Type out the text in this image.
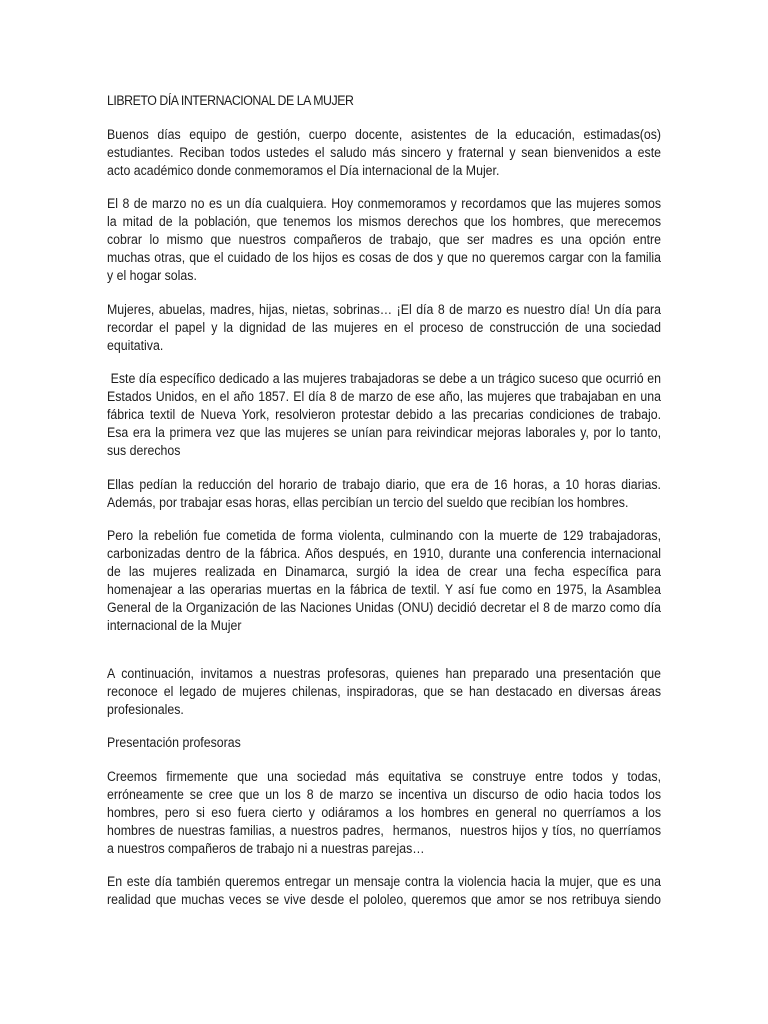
LIBRETO DÍA INTERNACIONAL DE LA MUJER
Buenos días equipo de gestión, cuerpo docente, asistentes de la educación, estimadas(os)
estudiantes. Reciban todos ustedes el saludo más sincero y fraternal y sean bienvenidos a este
acto académico donde conmemoramos el Día internacional de la Mujer.
El 8 de marzo no es un día cualquiera. Hoy conmemoramos y recordamos que las mujeres somos
la mitad de la población, que tenemos los mismos derechos que los hombres, que merecemos
cobrar lo mismo que nuestros compañeros de trabajo, que ser madres es una opción entre
muchas otras, que el cuidado de los hijos es cosas de dos y que no queremos cargar con la familia
y el hogar solas.
Mujeres, abuelas, madres, hijas, nietas, sobrinas… ¡El día 8 de marzo es nuestro día! Un día para
recordar el papel y la dignidad de las mujeres en el proceso de construcción de una sociedad
equitativa.
Este día específico dedicado a las mujeres trabajadoras se debe a un trágico suceso que ocurrió en
Estados Unidos, en el año 1857. El día 8 de marzo de ese año, las mujeres que trabajaban en una
fábrica textil de Nueva York, resolvieron protestar debido a las precarias condiciones de trabajo.
Esa era la primera vez que las mujeres se unían para reivindicar mejoras laborales y, por lo tanto,
sus derechos
Ellas pedían la reducción del horario de trabajo diario, que era de 16 horas, a 10 horas diarias.
Además, por trabajar esas horas, ellas percibían un tercio del sueldo que recibían los hombres.
Pero la rebelión fue cometida de forma violenta, culminando con la muerte de 129 trabajadoras,
carbonizadas dentro de la fábrica. Años después, en 1910, durante una conferencia internacional
de las mujeres realizada en Dinamarca, surgió la idea de crear una fecha específica para
homenajear a las operarias muertas en la fábrica de textil. Y así fue como en 1975, la Asamblea
General de la Organización de las Naciones Unidas (ONU) decidió decretar el 8 de marzo como día
internacional de la Mujer
A continuación, invitamos a nuestras profesoras, quienes han preparado una presentación que
reconoce el legado de mujeres chilenas, inspiradoras, que se han destacado en diversas áreas
profesionales.
Presentación profesoras
Creemos firmemente que una sociedad más equitativa se construye entre todos y todas,
erróneamente se cree que un los 8 de marzo se incentiva un discurso de odio hacia todos los
hombres, pero si eso fuera cierto y odiáramos a los hombres en general no querríamos a los
hombres de nuestras familias, a nuestros padres,  hermanos,  nuestros hijos y tíos, no querríamos
a nuestros compañeros de trabajo ni a nuestras parejas…
En este día también queremos entregar un mensaje contra la violencia hacia la mujer, que es una
realidad que muchas veces se vive desde el pololeo, queremos que amor se nos retribuya siendo
